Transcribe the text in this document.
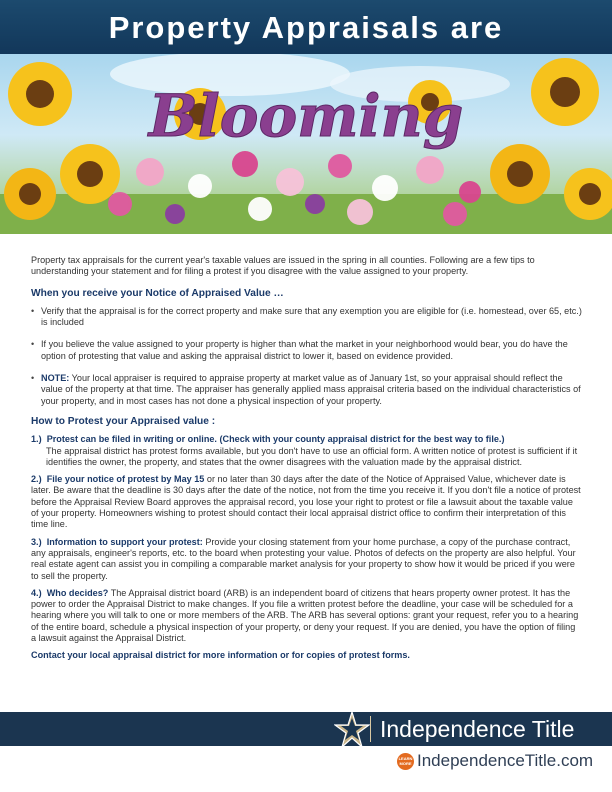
Property Appraisals are
Blooming

Property tax appraisals for the current year's taxable values are issued in the spring in all counties. Following are a few tips to understanding your statement and for filing a protest if you disagree with the value assigned to your property.

When you receive your Notice of Appraised Value …
• Verify that the appraisal is for the correct property and make sure that any exemption you are eligible for (i.e. homestead, over 65, etc.) is included
• If you believe the value assigned to your property is higher than what the market in your neighborhood would bear, you do have the option of protesting that value and asking the appraisal district to lower it, based on evidence provided.
• NOTE: Your local appraiser is required to appraise property at market value as of January 1st, so your appraisal should reflect the value of the property at that time. The appraiser has generally applied mass appraisal criteria based on the individual characteristics of your property, and in most cases has not done a physical inspection of your property.
How to Protest your Appraised value :
1.) Protest can be filed in writing or online. (Check with your county appraisal district for the best way to file.)
The appraisal district has protest forms available, but you don't have to use an official form. A written notice of protest is sufficient if it identifies the owner, the property, and states that the owner disagrees with the valuation made by the appraisal district.
2.) File your notice of protest by May 15 or no later than 30 days after the date of the Notice of Appraised Value, whichever date is later. Be aware that the deadline is 30 days after the date of the notice, not from the time you receive it. If you don't file a notice of protest before the Appraisal Review Board approves the appraisal record, you lose your right to protest or file a lawsuit about the taxable value of your property. Homeowners wishing to protest should contact their local appraisal district office to confirm their interpretation of this time line.
3.) Information to support your protest: Provide your closing statement from your home purchase, a copy of the purchase contract, any appraisals, engineer's reports, etc. to the board when protesting your value. Photos of defects on the property are also helpful. Your real estate agent can assist you in compiling a comparable market analysis for your property to show how it would be priced if you were to sell the property.
4.) Who decides? The Appraisal district board (ARB) is an independent board of citizens that hears property owner protest. It has the power to order the Appraisal District to make changes. If you file a written protest before the deadline, your case will be scheduled for a hearing where you will talk to one or more members of the ARB. The ARB has several options: grant your request, refer you to a hearing of the entire board, schedule a physical inspection of your property, or deny your request. If you are denied, you have the option of filing a lawsuit against the Appraisal District.

Contact your local appraisal district for more information or for copies of protest forms.

Independence Title
LEARN MORE IndependenceTitle.com
